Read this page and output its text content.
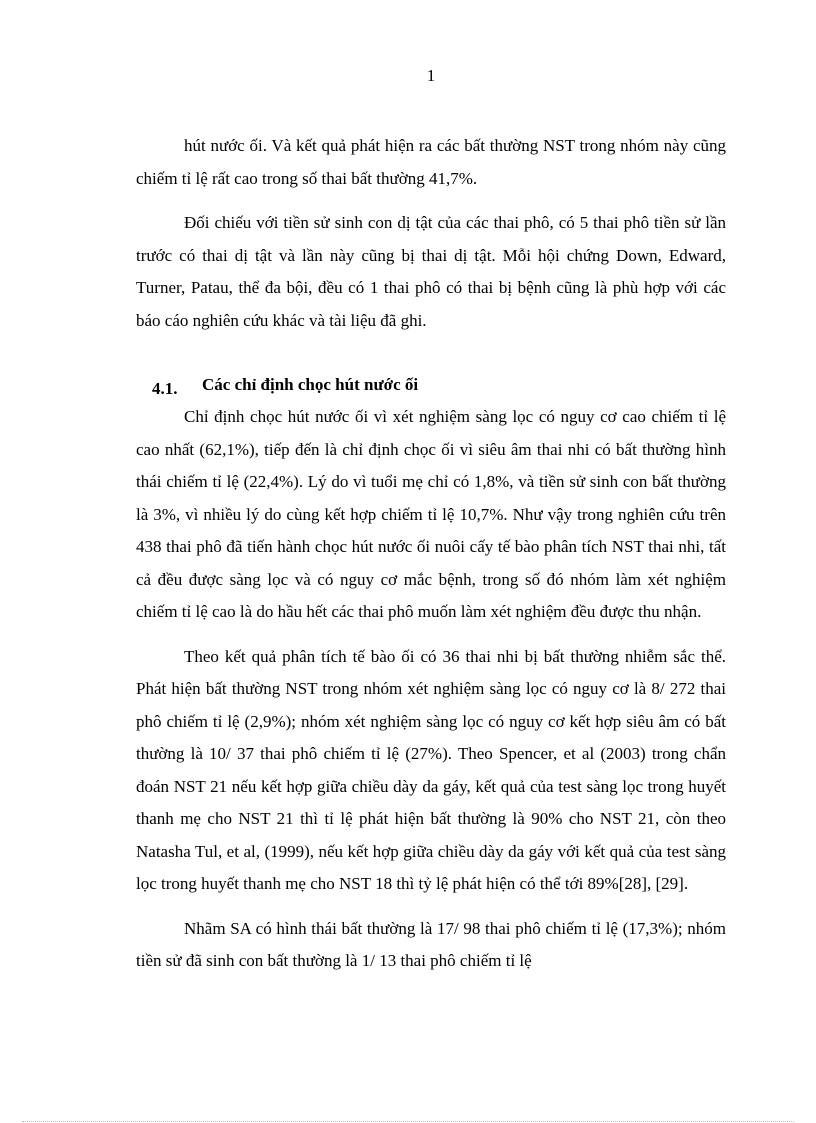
1

hút nước ối. Và kết quả phát hiện ra các bất thường NST trong nhóm này cũng chiếm tỉ lệ rất cao trong số thai bất thường 41,7%.

Đối chiếu với tiền sử sinh con dị tật của các thai phô, có 5 thai phô tiền sử lần trước có thai dị tật và lần này cũng bị thai dị tật. Mỗi hội chứng Down, Edward, Turner, Patau, thể đa bội, đều có 1 thai phô có thai bị bệnh cũng là phù hợp với các báo cáo nghiên cứu khác và tài liệu đã ghi.

4.1. Các chỉ định chọc hút nước ối

Chỉ định chọc hút nước ối vì xét nghiệm sàng lọc có nguy cơ cao chiếm tỉ lệ cao nhất (62,1%), tiếp đến là chỉ định chọc ối vì siêu âm thai nhi có bất thường hình thái chiếm tỉ lệ (22,4%). Lý do vì tuổi mẹ chỉ có 1,8%, và tiền sử sinh con bất thường là 3%, vì nhiều lý do cùng kết hợp chiếm tỉ lệ 10,7%. Như vậy trong nghiên cứu trên 438 thai phô đã tiến hành chọc hút nước ối nuôi cấy tế bào phân tích NST thai nhi, tất cả đều được sàng lọc và có nguy cơ mắc bệnh, trong số đó nhóm làm xét nghiệm chiếm tỉ lệ cao là do hầu hết các thai phô muốn làm xét nghiệm đều được thu nhận.

Theo kết quả phân tích tế bào ối có 36 thai nhi bị bất thường nhiễm sắc thể. Phát hiện bất thường NST trong nhóm xét nghiệm sàng lọc có nguy cơ là 8/ 272 thai phô chiếm tỉ lệ (2,9%); nhóm xét nghiệm sàng lọc có nguy cơ kết hợp siêu âm có bất thường là 10/ 37 thai phô chiếm tỉ lệ (27%). Theo Spencer, et al (2003) trong chẩn đoán NST 21 nếu kết hợp giữa chiều dày da gáy, kết quả của test sàng lọc trong huyết thanh mẹ cho NST 21 thì tỉ lệ phát hiện bất thường là 90% cho NST 21, còn theo Natasha Tul, et al, (1999), nếu kết hợp giữa chiều dày da gáy với kết quả của test sàng lọc trong huyết thanh mẹ cho NST 18 thì tỷ lệ phát hiện có thể tới 89%[28], [29].

Nhãm SA có hình thái bất thường là 17/ 98 thai phô chiếm tỉ lệ (17,3%); nhóm tiền sử đã sinh con bất thường là 1/ 13 thai phô chiếm tỉ lệ
